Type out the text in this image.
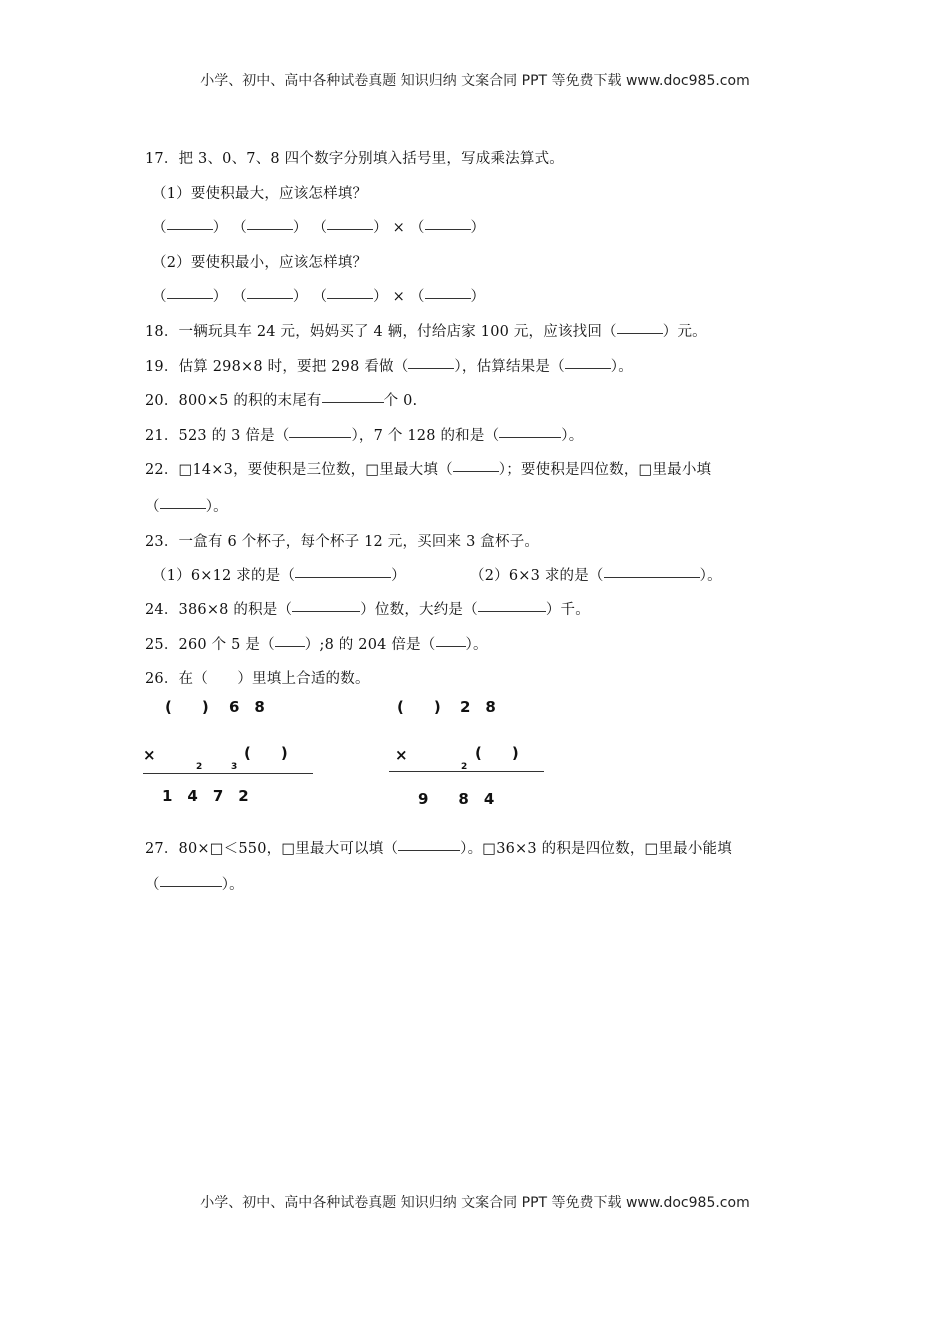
小学、初中、高中各种试卷真题 知识归纳 文案合同 PPT 等免费下载 www.doc985.com
17．把 3、0、7、8 四个数字分别填入括号里，写成乘法算式。
（1）要使积最大，应该怎样填？
（	） （	） （	） × （	）
（2）要使积最小，应该怎样填？
（	） （	） （	） × （	）
18．一辆玩具车 24 元，妈妈买了 4 辆，付给店家 100 元，应该找回（	）元。
19．估算 298×8 时，要把 298 看做（	），估算结果是（	）。
20．800×5 的积的末尾有	个 0.
21．523 的 3 倍是（	），7 个 128 的和是（	）。
22．□14×3，要使积是三位数，□里最大填（	）；要使积是四位数，□里最小填
（	）。
23．一盒有 6 个杯子，每个杯子 12 元，买回来 3 盒杯子。
（1）6×12 求的是（	）	（2）6×3 求的是（	）。
24．386×8 的积是（	）位数，大约是（	）千。
25．260 个 5 是（ ）;8 的 204 倍是（ ）。
26．在（　　）里填上合适的数。
(　　) 6　8
×
2	3
(　　)
1　4　7　2
(　　) 2　8
×
2
(　　)
9　　8　4
27．80×□＜550，□里最大可以填（	）。□36×3 的积是四位数，□里最小能填
（	）。
小学、初中、高中各种试卷真题 知识归纳 文案合同 PPT 等免费下载 www.doc985.com
